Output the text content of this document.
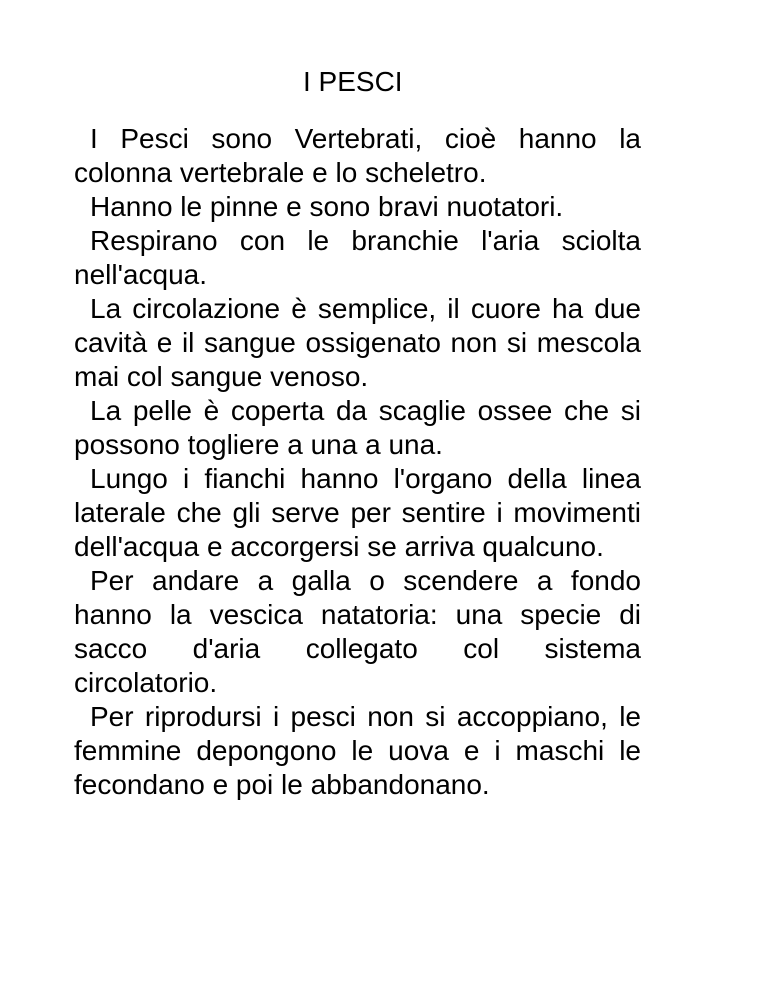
I PESCI

I Pesci sono Vertebrati, cioè hanno la colonna vertebrale e lo scheletro.

Hanno le pinne e sono bravi nuotatori.

Respirano con le branchie l'aria sciolta nell'acqua.

La circolazione è semplice, il cuore ha due cavità e il sangue ossigenato non si mescola mai col sangue venoso.

La pelle è coperta da scaglie ossee che si possono togliere a una a una.

Lungo i fianchi hanno l'organo della linea laterale che gli serve per sentire i movimenti dell'acqua e accorgersi se arriva qualcuno.

Per andare a galla o scendere a fondo hanno la vescica natatoria: una specie di sacco d'aria collegato col sistema circolatorio.

Per riprodursi i pesci non si accoppiano, le femmine depongono le uova e i maschi le fecondano e poi le abbandonano.
